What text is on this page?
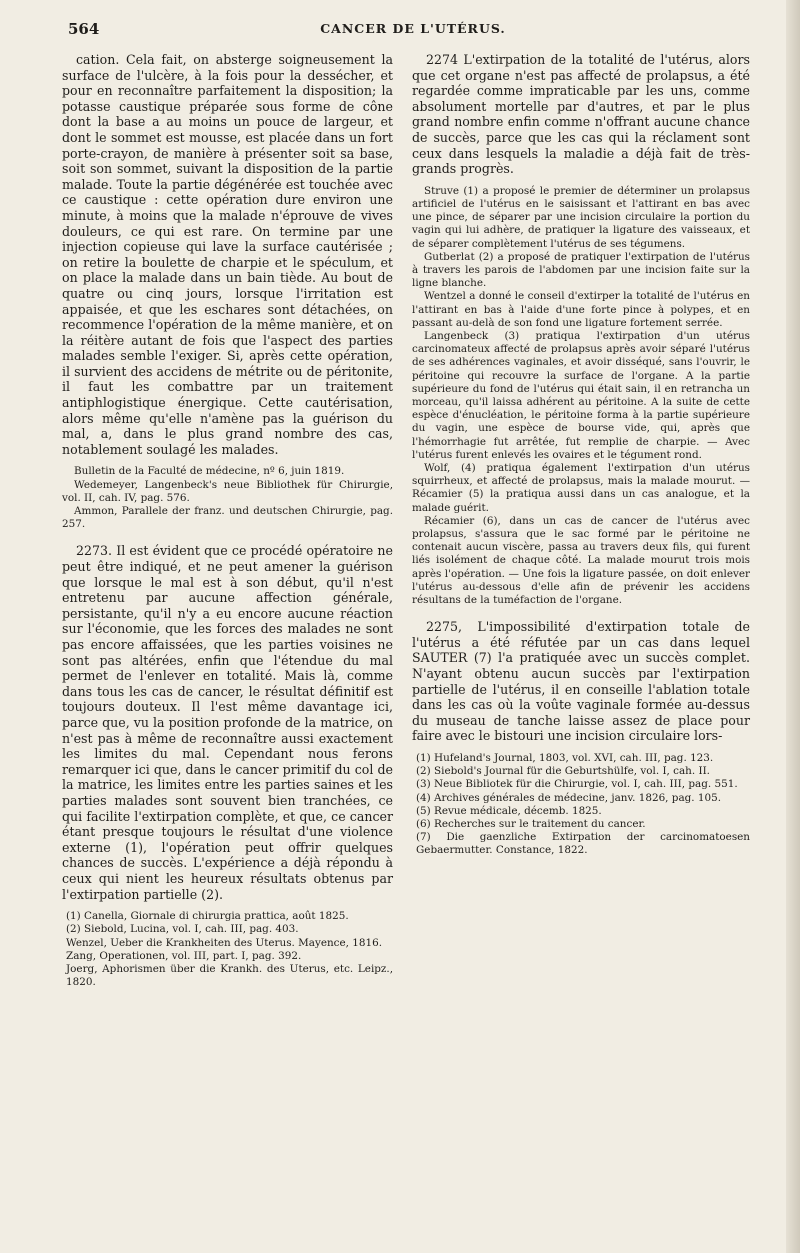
564	CANCER DE L'UTÉRUS.

cation. Cela fait, on absterge soigneusement la surface de l'ulcère, à la fois pour la dessécher, et pour en reconnaître parfaitement la disposition; la potasse caustique préparée sous forme de cône dont la base a au moins un pouce de largeur, et dont le sommet est mousse, est placée dans un fort porte-crayon, de manière à présenter soit sa base, soit son sommet, suivant la disposition de la partie malade. Toute la partie dégénérée est touchée avec ce caustique : cette opération dure environ une minute, à moins que la malade n'éprouve de vives douleurs, ce qui est rare. On termine par une injection copieuse qui lave la surface cautérisée ; on retire la boulette de charpie et le spéculum, et on place la malade dans un bain tiède. Au bout de quatre ou cinq jours, lorsque l'irritation est appaisée, et que les eschares sont détachées, on recommence l'opération de la même manière, et on la réitère autant de fois que l'aspect des parties malades semble l'exiger. Si, après cette opération, il survient des accidens de métrite ou de péritonite, il faut les combattre par un traitement antiphlogistique énergique. Cette cautérisation, alors même qu'elle n'amène pas la guérison du mal, a, dans le plus grand nombre des cas, notablement soulagé les malades.

Bulletin de la Faculté de médecine, nº 6, juin 1819.

Wedemeyer, Langenbeck's neue Bibliothek für Chirurgie, vol. II, cah. IV, pag. 576.

Ammon, Parallele der franz. und deutschen Chirurgie, pag. 257.

2273. Il est évident que ce procédé opératoire ne peut être indiqué, et ne peut amener la guérison que lorsque le mal est à son début, qu'il n'est entretenu par aucune affection générale, persistante, qu'il n'y a eu encore aucune réaction sur l'économie, que les forces des malades ne sont pas encore affaissées, que les parties voisines ne sont pas altérées, enfin que l'étendue du mal permet de l'enlever en totalité. Mais là, comme dans tous les cas de cancer, le résultat définitif est toujours douteux. Il l'est même davantage ici, parce que, vu la position profonde de la matrice, on n'est pas à même de reconnaître aussi exactement les limites du mal. Cependant nous ferons remarquer ici que, dans le cancer primitif du col de la matrice, les limites entre les parties saines et les parties malades sont souvent bien tranchées, ce qui facilite l'extirpation complète, et que, ce cancer étant presque toujours le résultat d'une violence externe (1), l'opération peut offrir quelques chances de succès. L'expérience a déjà répondu à ceux qui nient les heureux résultats obtenus par l'extirpation partielle (2).

(1) Canella, Giornale di chirurgia prattica, août 1825.

(2) Siebold, Lucina, vol. I, cah. III, pag. 403.

Wenzel, Ueber die Krankheiten des Uterus. Mayence, 1816.

Zang, Operationen, vol. III, part. I, pag. 392.

Joerg, Aphorismen über die Krankh. des Uterus, etc. Leipz., 1820.

2274 L'extirpation de la totalité de l'utérus, alors que cet organe n'est pas affecté de prolapsus, a été regardée comme impraticable par les uns, comme absolument mortelle par d'autres, et par le plus grand nombre enfin comme n'offrant aucune chance de succès, parce que les cas qui la réclament sont ceux dans lesquels la maladie a déjà fait de très-grands progrès.

Struve (1) a proposé le premier de déterminer un prolapsus artificiel de l'utérus en le saisissant et l'attirant en bas avec une pince, de séparer par une incision circulaire la portion du vagin qui lui adhère, de pratiquer la ligature des vaisseaux, et de séparer complètement l'utérus de ses tégumens.

Gutberlat (2) a proposé de pratiquer l'extirpation de l'utérus à travers les parois de l'abdomen par une incision faite sur la ligne blanche.

Wentzel a donné le conseil d'extirper la totalité de l'utérus en l'attirant en bas à l'aide d'une forte pince à polypes, et en passant au-delà de son fond une ligature fortement serrée.

Langenbeck (3) pratiqua l'extirpation d'un utérus carcinomateux affecté de prolapsus après avoir séparé l'utérus de ses adhérences vaginales, et avoir disséqué, sans l'ouvrir, le péritoine qui recouvre la surface de l'organe. A la partie supérieure du fond de l'utérus qui était sain, il en retrancha un morceau, qu'il laissa adhérent au péritoine. A la suite de cette espèce d'énucléation, le péritoine forma à la partie supérieure du vagin, une espèce de bourse vide, qui, après que l'hémorrhagie fut arrêtée, fut remplie de charpie. — Avec l'utérus furent enlevés les ovaires et le tégument rond.

Wolf, (4) pratiqua également l'extirpation d'un utérus squirrheux, et affecté de prolapsus, mais la malade mourut. — Récamier (5) la pratiqua aussi dans un cas analogue, et la malade guérit.

Récamier (6), dans un cas de cancer de l'utérus avec prolapsus, s'assura que le sac formé par le péritoine ne contenait aucun viscère, passa au travers deux fils, qui furent liés isolément de chaque côté. La malade mourut trois mois après l'opération. — Une fois la ligature passée, on doit enlever l'utérus au-dessous d'elle afin de prévenir les accidens résultans de la tuméfaction de l'organe.

2275, L'impossibilité d'extirpation totale de l'utérus a été réfutée par un cas dans lequel SAUTER (7) l'a pratiquée avec un succès complet. N'ayant obtenu aucun succès par l'extirpation partielle de l'utérus, il en conseille l'ablation totale dans les cas où la voûte vaginale formée au-dessus du museau de tanche laisse assez de place pour faire avec le bistouri une incision circulaire lors-

(1) Hufeland's Journal, 1803, vol. XVI, cah. III, pag. 123.

(2) Siebold's Journal für die Geburtshülfe, vol. I, cah. II.

(3) Neue Bibliotek für die Chirurgie, vol. I, cah. III, pag. 551.

(4) Archives générales de médecine, janv. 1826, pag. 105.

(5) Revue médicale, décemb. 1825.

(6) Recherches sur le traitement du cancer.

(7) Die gaenzliche Extirpation der carcinomatoesen Gebaermutter. Constance, 1822.
